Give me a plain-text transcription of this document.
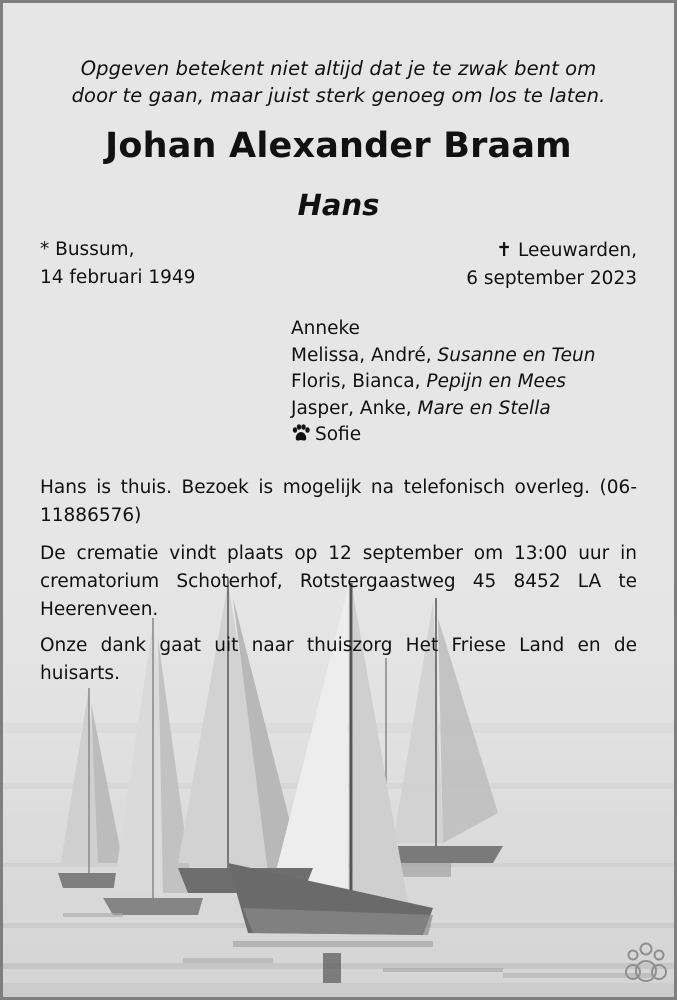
Opgeven betekent niet altijd dat je te zwak bent om
door te gaan, maar juist sterk genoeg om los te laten.
Johan Alexander Braam
Hans
* Bussum,
14 februari 1949
✝ Leeuwarden,
6 september 2023
Anneke
Melissa, André, Susanne en Teun
Floris, Bianca, Pepijn en Mees
Jasper, Anke, Mare en Stella
Sofie
Hans is thuis. Bezoek is mogelijk na telefonisch overleg. (06-11886576)
De crematie vindt plaats op 12 september om 13:00 uur in crematorium Schoterhof, Rotstergaastweg 45 8452 LA te Heerenveen.
Onze dank gaat uit naar thuiszorg Het Friese Land en de huisarts.
